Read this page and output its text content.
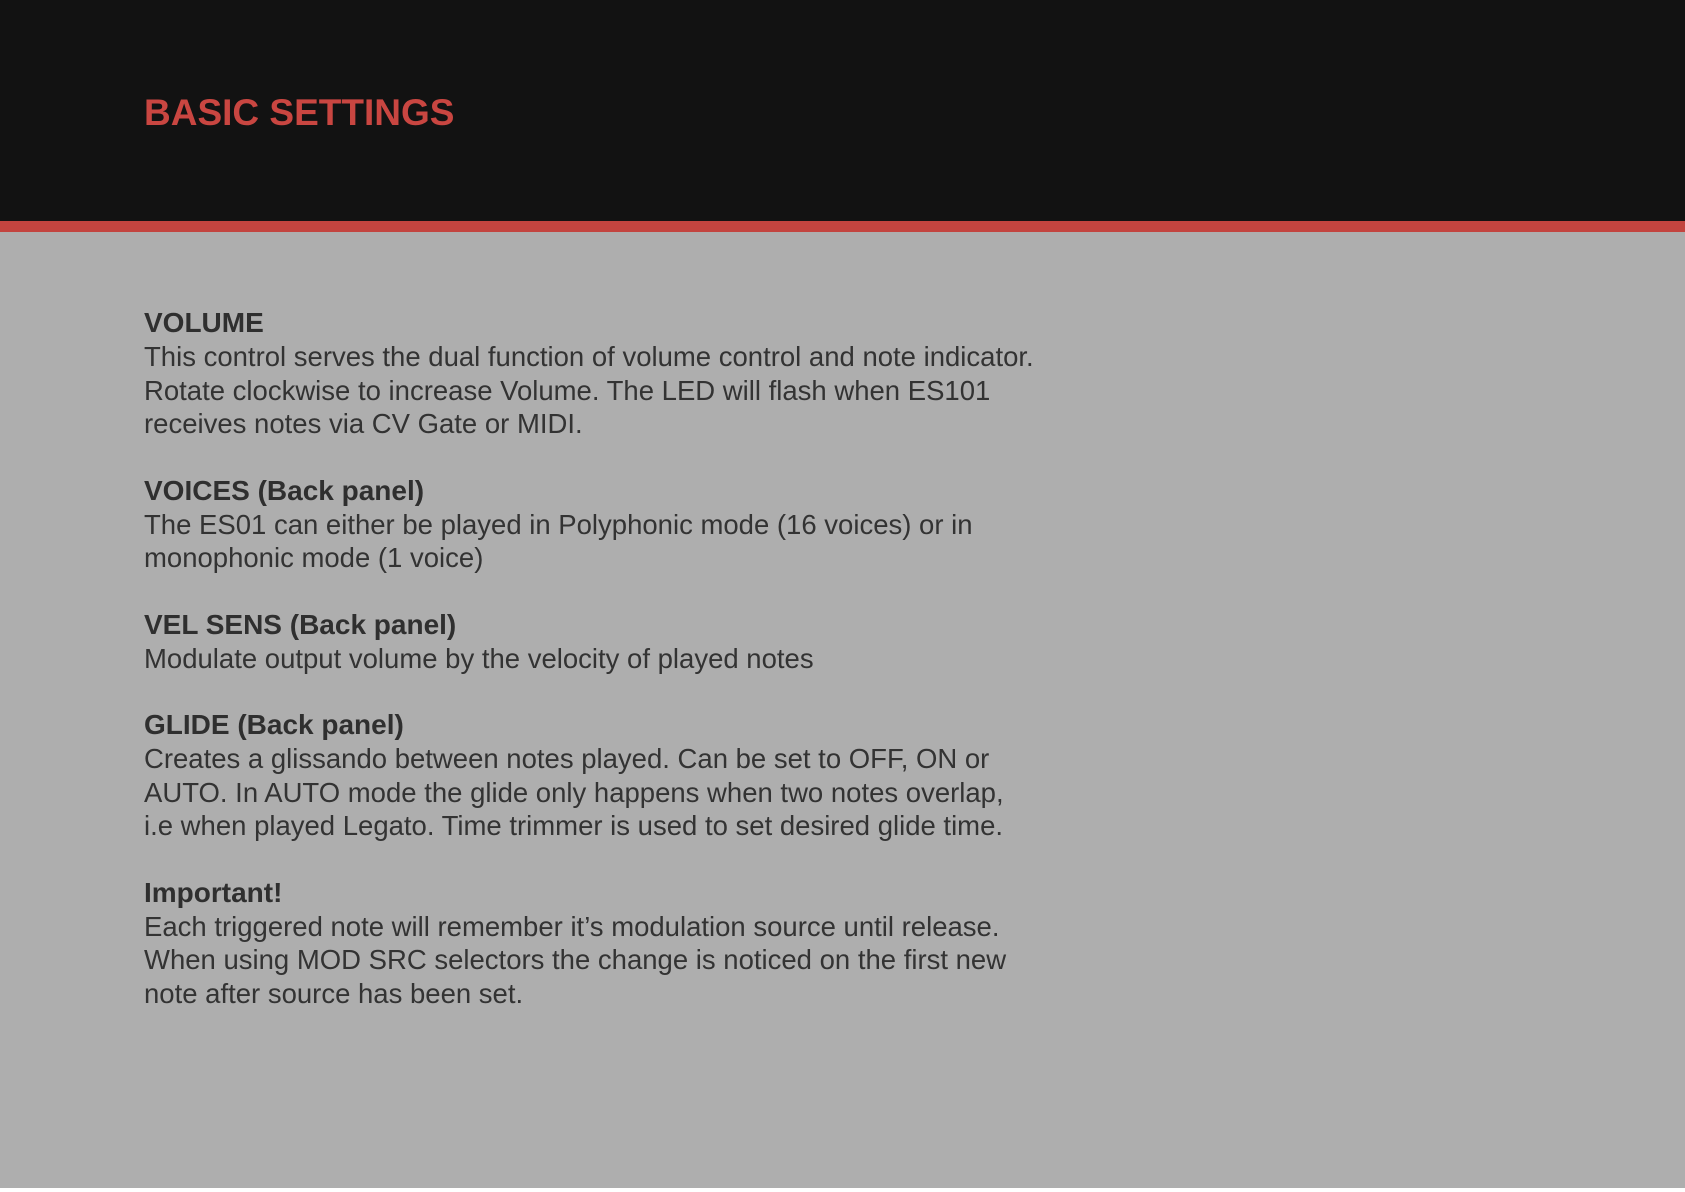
BASIC SETTINGS
VOLUME

This control serves the dual function of volume control and note indicator.
Rotate clockwise to increase Volume. The LED will flash when ES101
receives notes via CV Gate or MIDI.

VOICES (Back panel)

The ES01 can either be played in Polyphonic mode (16 voices) or in
monophonic mode (1 voice)

VEL SENS (Back panel)

Modulate output volume by the velocity of played notes

GLIDE (Back panel)

Creates a glissando between notes played. Can be set to OFF, ON or
AUTO. In AUTO mode the glide only happens when two notes overlap,
i.e when played Legato. Time trimmer is used to set desired glide time.

Important!

Each triggered note will remember it’s modulation source until release.
When using MOD SRC selectors the change is noticed on the first new
note after source has been set.
